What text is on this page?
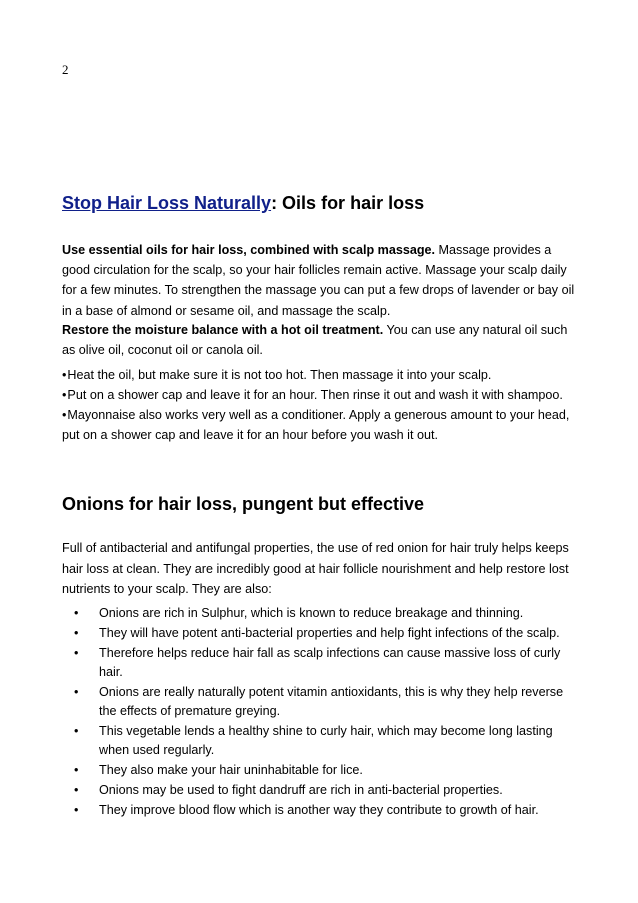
2
Stop Hair Loss Naturally: Oils for hair loss

Use essential oils for hair loss, combined with scalp massage. Massage provides a good circulation for the scalp, so your hair follicles remain active. Massage your scalp daily for a few minutes. To strengthen the massage you can put a few drops of lavender or bay oil in a base of almond or sesame oil, and massage the scalp.

Restore the moisture balance with a hot oil treatment. You can use any natural oil such as olive oil, coconut oil or canola oil.

•Heat the oil, but make sure it is not too hot. Then massage it into your scalp.

•Put on a shower cap and leave it for an hour. Then rinse it out and wash it with shampoo.

•Mayonnaise also works very well as a conditioner. Apply a generous amount to your head, put on a shower cap and leave it for an hour before you wash it out.

Onions for hair loss, pungent but effective

Full of antibacterial and antifungal properties, the use of red onion for hair truly helps keeps hair loss at clean. They are incredibly good at hair follicle nourishment and help restore lost nutrients to your scalp. They are also:

• Onions are rich in Sulphur, which is known to reduce breakage and thinning.
• They will have potent anti-bacterial properties and help fight infections of the scalp.
• Therefore helps reduce hair fall as scalp infections can cause massive loss of curly hair.
• Onions are really naturally potent vitamin antioxidants, this is why they help reverse the effects of premature greying.
• This vegetable lends a healthy shine to curly hair, which may become long lasting when used regularly.
• They also make your hair uninhabitable for lice.
• Onions may be used to fight dandruff are rich in anti-bacterial properties.
• They improve blood flow which is another way they contribute to growth of hair.
